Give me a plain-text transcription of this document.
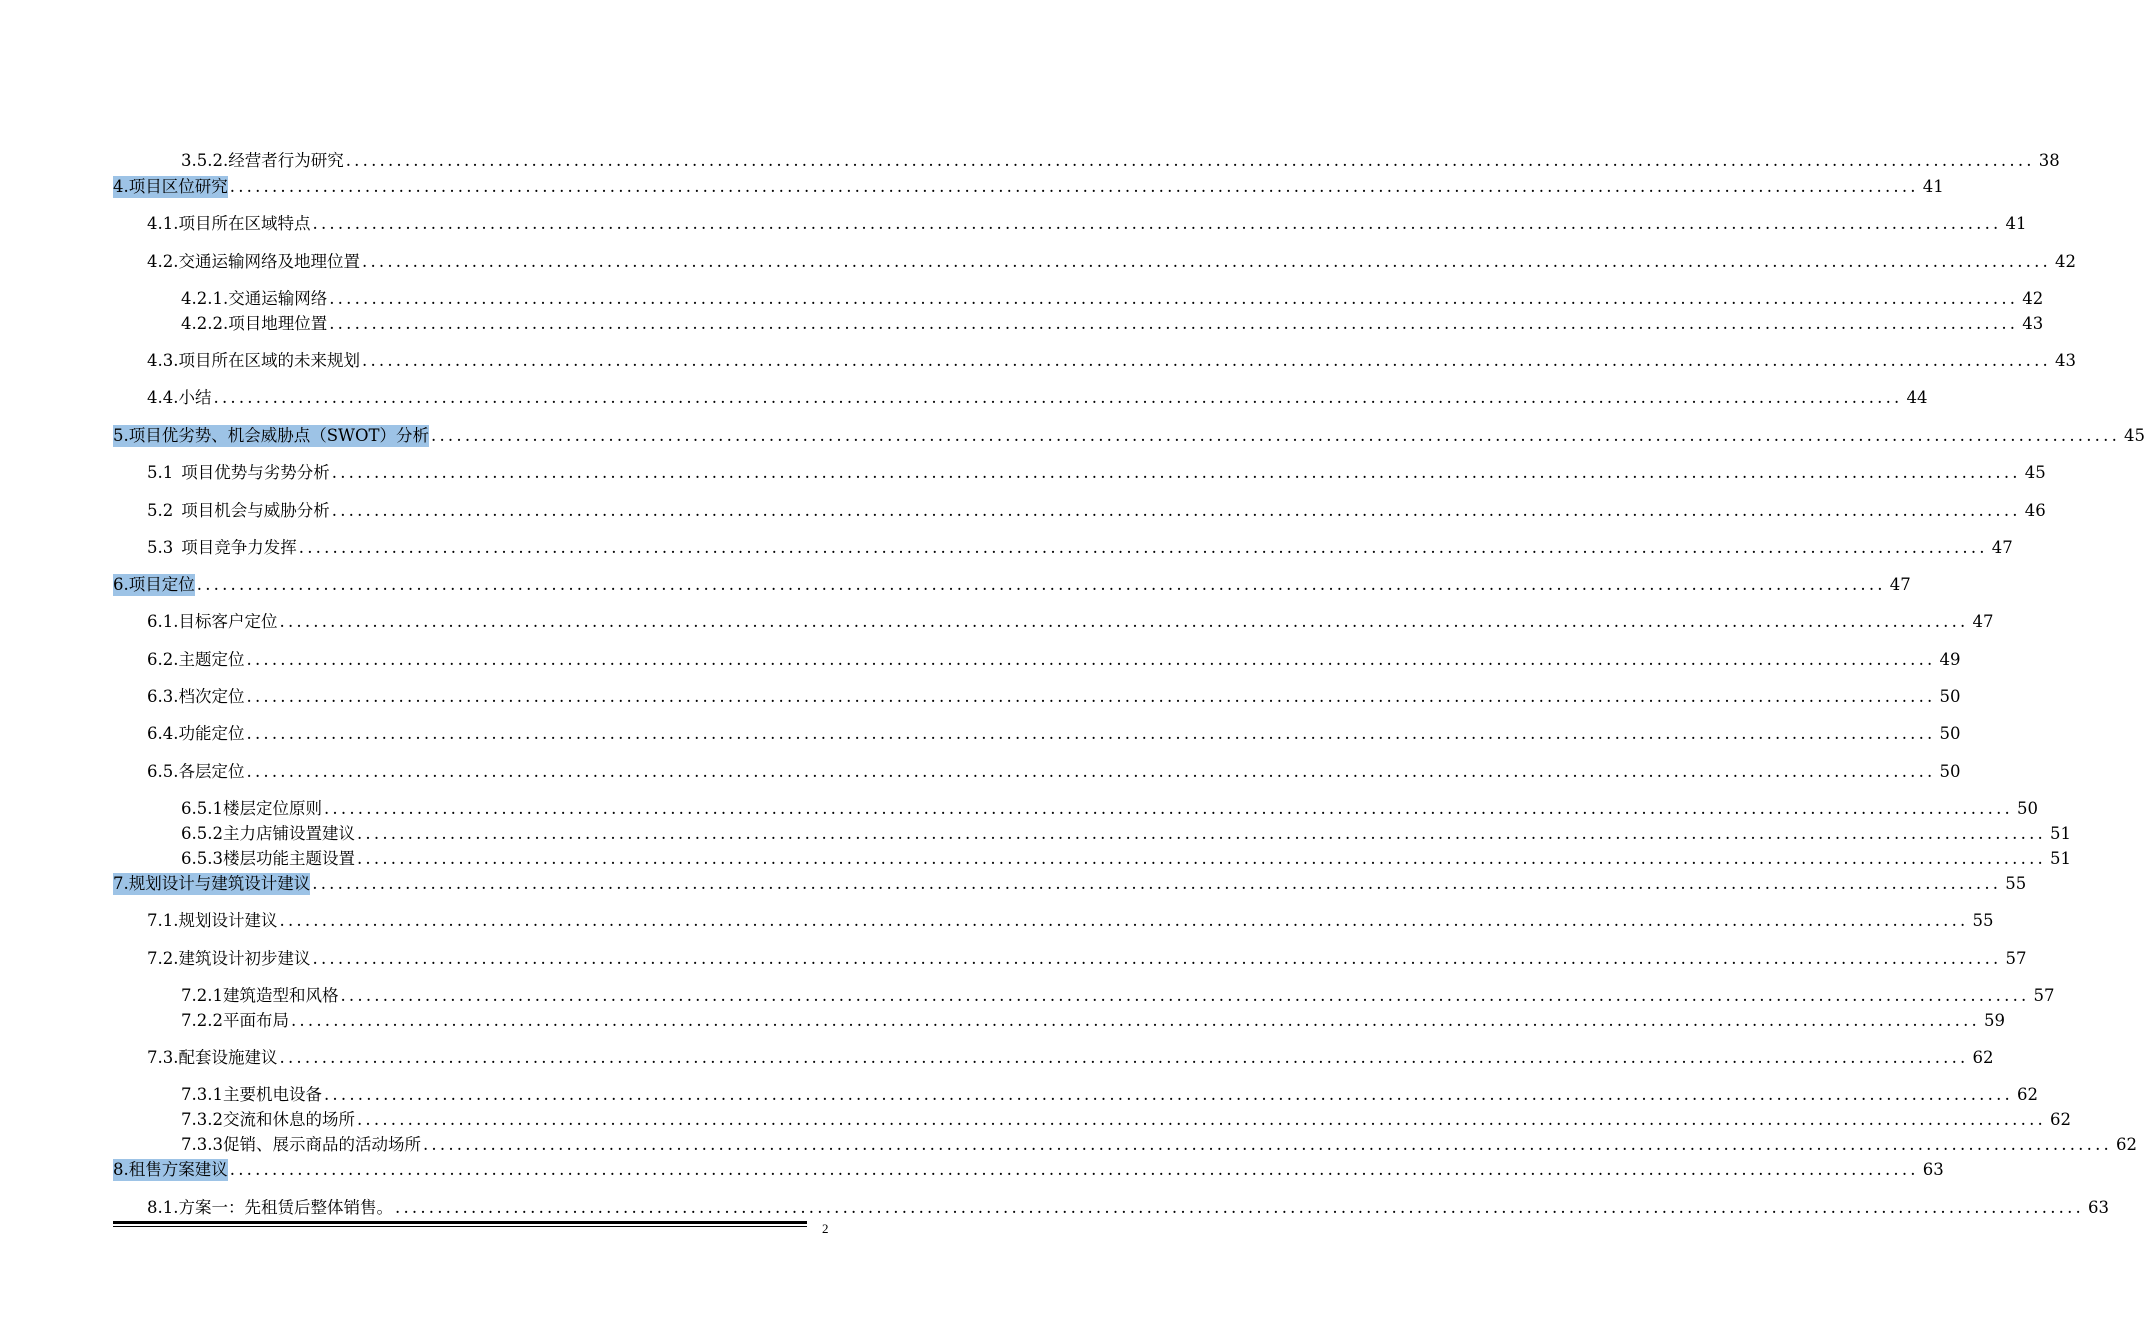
3.5.2. 经营者行为研究 ........................................................................................................................................................................................................ 38
4.项目区位研究 ........................................................................................................................................................................................................ 41
4.1. 项目所在区域特点 ........................................................................................................................................................................................................ 41
4.2. 交通运输网络及地理位置 ........................................................................................................................................................................................................ 42
4.2.1. 交通运输网络 ........................................................................................................................................................................................................ 42
4.2.2. 项目地理位置 ........................................................................................................................................................................................................ 43
4.3. 项目所在区域的未来规划 ........................................................................................................................................................................................................ 43
4.4. 小结 ........................................................................................................................................................................................................ 44
5.项目优劣势、机会威胁点（SWOT）分析 ........................................................................................................................................................................................................ 45
5.1 项目优势与劣势分析 ........................................................................................................................................................................................................ 45
5.2 项目机会与威胁分析 ........................................................................................................................................................................................................ 46
5.3 项目竞争力发挥 ........................................................................................................................................................................................................ 47
6.项目定位 ........................................................................................................................................................................................................ 47
6.1. 目标客户定位 ........................................................................................................................................................................................................ 47
6.2. 主题定位 ........................................................................................................................................................................................................ 49
6.3. 档次定位 ........................................................................................................................................................................................................ 50
6.4. 功能定位 ........................................................................................................................................................................................................ 50
6.5. 各层定位 ........................................................................................................................................................................................................ 50
6.5.1 楼层定位原则 ........................................................................................................................................................................................................ 50
6.5.2 主力店铺设置建议 ........................................................................................................................................................................................................ 51
6.5.3 楼层功能主题设置 ........................................................................................................................................................................................................ 51
7.规划设计与建筑设计建议 ........................................................................................................................................................................................................ 55
7.1. 规划设计建议 ........................................................................................................................................................................................................ 55
7.2. 建筑设计初步建议 ........................................................................................................................................................................................................ 57
7.2.1 建筑造型和风格 ........................................................................................................................................................................................................ 57
7.2.2 平面布局 ........................................................................................................................................................................................................ 59
7.3. 配套设施建议 ........................................................................................................................................................................................................ 62
7.3.1 主要机电设备 ........................................................................................................................................................................................................ 62
7.3.2 交流和休息的场所 ........................................................................................................................................................................................................ 62
7.3.3 促销、展示商品的活动场所 ........................................................................................................................................................................................................ 62
8.租售方案建议 ........................................................................................................................................................................................................ 63
8.1. 方案一：先租赁后整体销售。 ........................................................................................................................................................................................................ 63
2
